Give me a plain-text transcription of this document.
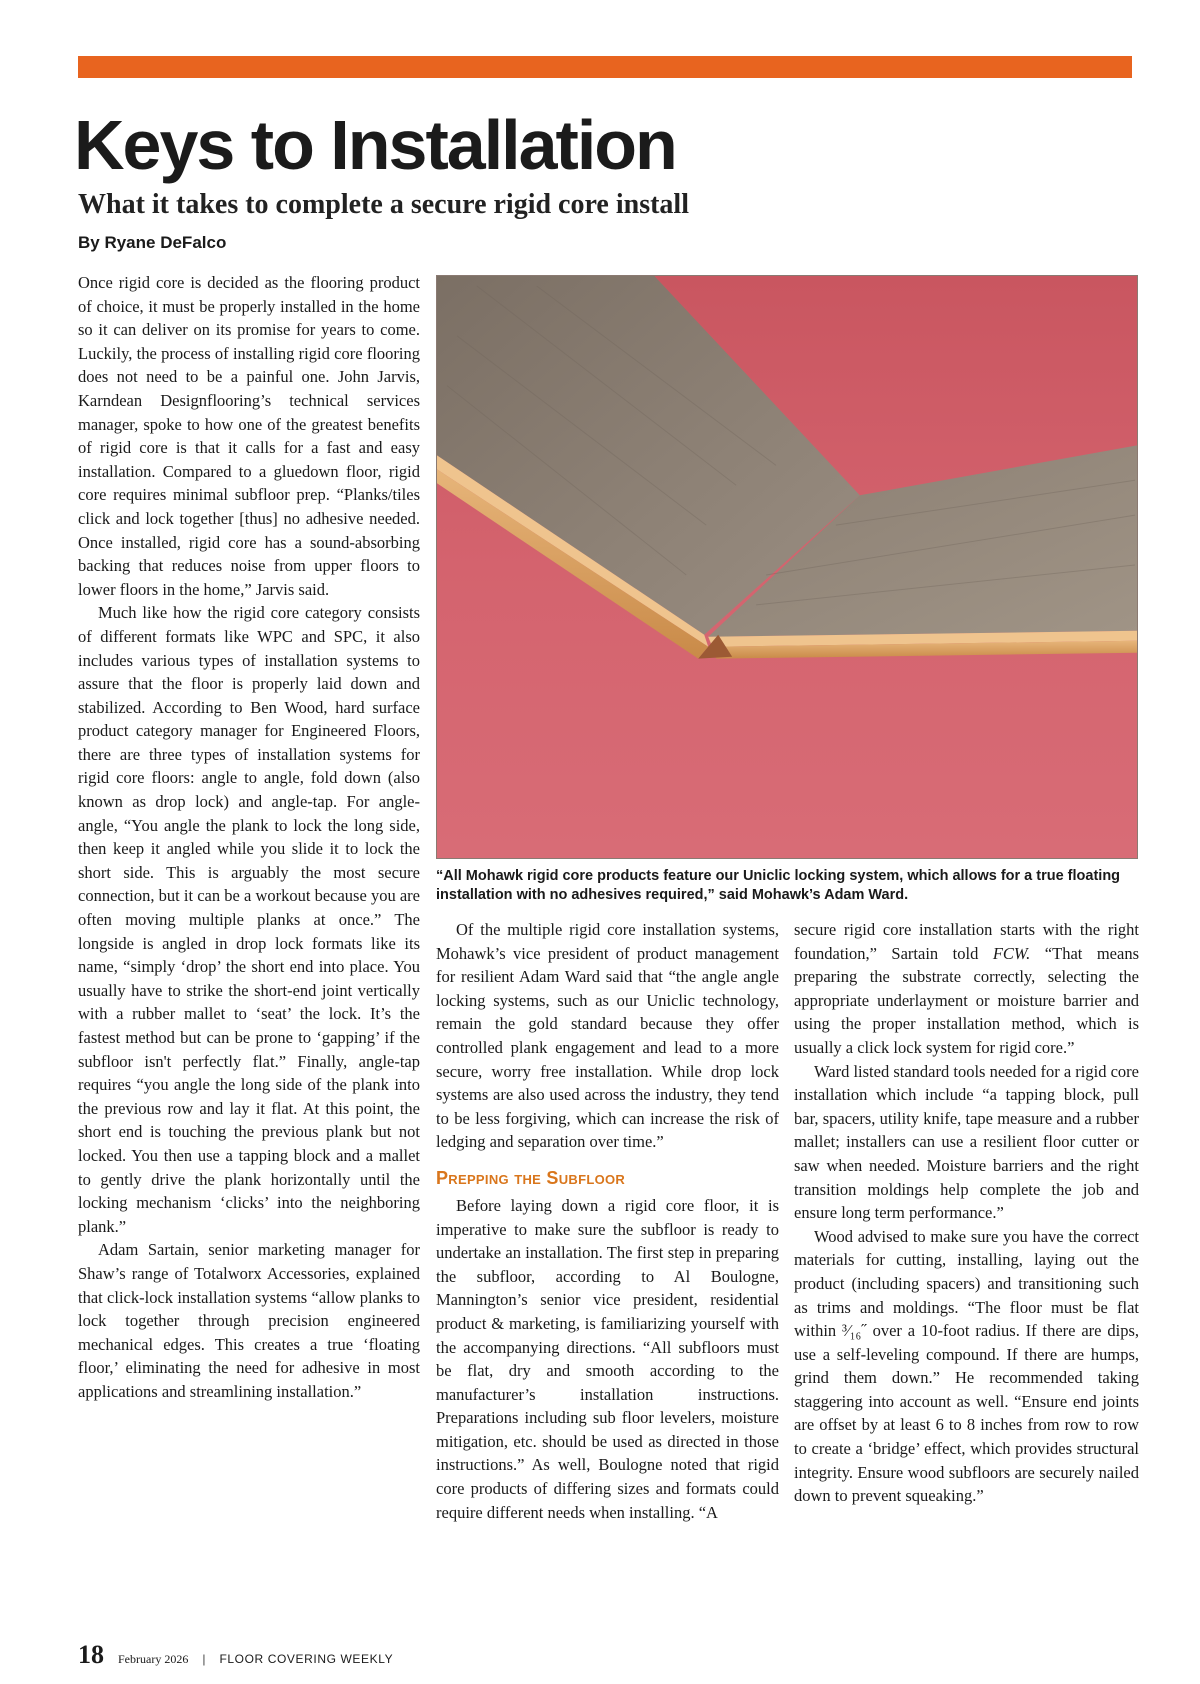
Keys to Installation
What it takes to complete a secure rigid core install
By Ryane DeFalco

Once rigid core is decided as the flooring product of choice, it must be properly installed in the home so it can deliver on its promise for years to come. Luckily, the process of installing rigid core flooring does not need to be a painful one. John Jarvis, Karndean Designflooring’s technical services manager, spoke to how one of the greatest benefits of rigid core is that it calls for a fast and easy installation. Compared to a gluedown floor, rigid core requires minimal subfloor prep. “Planks/tiles click and lock together [thus] no adhesive needed. Once installed, rigid core has a sound-absorbing backing that reduces noise from upper floors to lower floors in the home,” Jarvis said.

Much like how the rigid core category consists of different formats like WPC and SPC, it also includes various types of installation systems to assure that the floor is properly laid down and stabilized. According to Ben Wood, hard surface product category manager for Engineered Floors, there are three types of installation systems for rigid core floors: angle to angle, fold down (also known as drop lock) and angle-tap. For angle-angle, “You angle the plank to lock the long side, then keep it angled while you slide it to lock the short side. This is arguably the most secure connection, but it can be a workout because you are often moving multiple planks at once.” The longside is angled in drop lock formats like its name, “simply ‘drop’ the short end into place. You usually have to strike the short-end joint vertically with a rubber mallet to ‘seat’ the lock. It’s the fastest method but can be prone to ‘gapping’ if the subfloor isn't perfectly flat.” Finally, angle-tap requires “you angle the long side of the plank into the previous row and lay it flat. At this point, the short end is touching the previous plank but not locked. You then use a tapping block and a mallet to gently drive the plank horizontally until the locking mechanism ‘clicks’ into the neighboring plank.”

Adam Sartain, senior marketing manager for Shaw’s range of Totalworx Accessories, explained that click-lock installation systems “allow planks to lock together through precision engineered mechanical edges. This creates a true ‘floating floor,’ eliminating the need for adhesive in most applications and streamlining installation.”

“All Mohawk rigid core products feature our Uniclic locking system, which allows for a true floating installation with no adhesives required,” said Mohawk’s Adam Ward.

Of the multiple rigid core installation systems, Mohawk’s vice president of product management for resilient Adam Ward said that “the angle angle locking systems, such as our Uniclic technology, remain the gold standard because they offer controlled plank engagement and lead to a more secure, worry free installation. While drop lock systems are also used across the industry, they tend to be less forgiving, which can increase the risk of ledging and separation over time.”

Prepping the Subfloor

Before laying down a rigid core floor, it is imperative to make sure the subfloor is ready to undertake an installation. The first step in preparing the subfloor, according to Al Boulogne, Mannington’s senior vice president, residential product & marketing, is familiarizing yourself with the accompanying directions. “All subfloors must be flat, dry and smooth according to the manufacturer’s installation instructions. Preparations including sub floor levelers, moisture mitigation, etc. should be used as directed in those instructions.” As well, Boulogne noted that rigid core products of differing sizes and formats could require different needs when installing. “A

secure rigid core installation starts with the right foundation,” Sartain told FCW. “That means preparing the substrate correctly, selecting the appropriate underlayment or moisture barrier and using the proper installation method, which is usually a click lock system for rigid core.”

Ward listed standard tools needed for a rigid core installation which include “a tapping block, pull bar, spacers, utility knife, tape measure and a rubber mallet; installers can use a resilient floor cutter or saw when needed. Moisture barriers and the right transition moldings help complete the job and ensure long term performance.”

Wood advised to make sure you have the correct materials for cutting, installing, laying out the product (including spacers) and transitioning such as trims and moldings. “The floor must be flat within ³⁄₁₆˝ over a 10-foot radius. If there are dips, use a self-leveling compound. If there are humps, grind them down.” He recommended taking staggering into account as well. “Ensure end joints are offset by at least 6 to 8 inches from row to row to create a ‘bridge’ effect, which provides structural integrity. Ensure wood subfloors are securely nailed down to prevent squeaking.”

18 February 2026 | FLOOR COVERING WEEKLY
